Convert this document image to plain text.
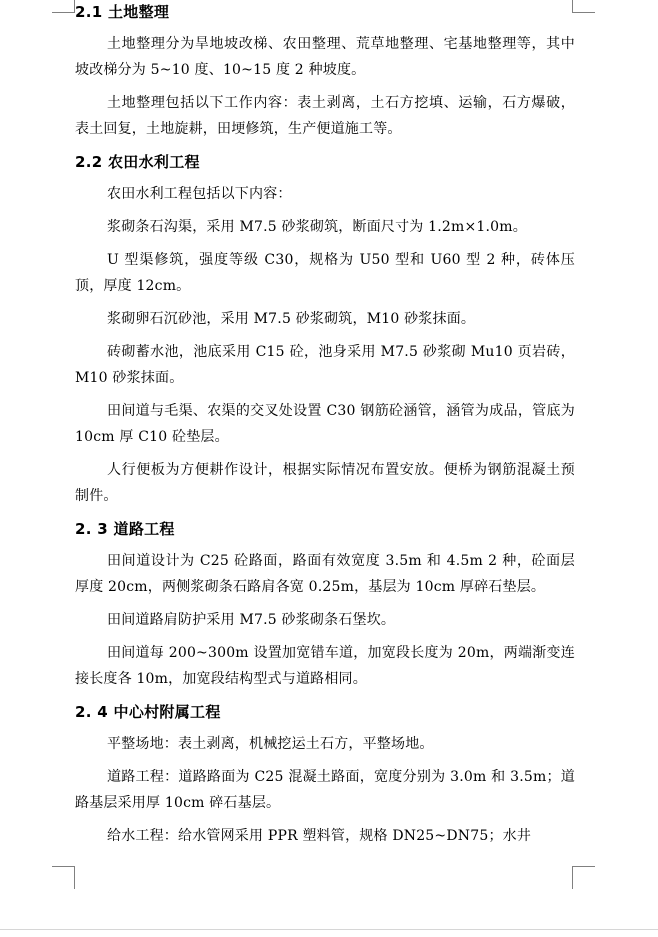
2.1 土地整理

土地整理分为旱地坡改梯、农田整理、荒草地整理、宅基地整理等，其中坡改梯分为 5~10 度、10~15 度 2 种坡度。

土地整理包括以下工作内容：表土剥离，土石方挖填、运输，石方爆破，表土回复，土地旋耕，田埂修筑，生产便道施工等。

2.2 农田水利工程

农田水利工程包括以下内容：

浆砌条石沟渠，采用 M7.5 砂浆砌筑，断面尺寸为 1.2m×1.0m。

U 型渠修筑，强度等级 C30，规格为 U50 型和 U60 型 2 种，砖体压顶，厚度 12cm。

浆砌卵石沉砂池，采用 M7.5 砂浆砌筑，M10 砂浆抹面。

砖砌蓄水池，池底采用 C15 砼，池身采用 M7.5 砂浆砌 Mu10 页岩砖，M10 砂浆抹面。

田间道与毛渠、农渠的交叉处设置 C30 钢筋砼涵管，涵管为成品，管底为 10cm 厚 C10 砼垫层。

人行便板为方便耕作设计，根据实际情况布置安放。便桥为钢筋混凝土预制件。

2. 3 道路工程

田间道设计为 C25 砼路面，路面有效宽度 3.5m 和 4.5m 2 种，砼面层厚度 20cm，两侧浆砌条石路肩各宽 0.25m，基层为 10cm 厚碎石垫层。

田间道路肩防护采用 M7.5 砂浆砌条石堡坎。

田间道每 200~300m 设置加宽错车道，加宽段长度为 20m，两端渐变连接长度各 10m，加宽段结构型式与道路相同。

2. 4 中心村附属工程

平整场地：表土剥离，机械挖运土石方，平整场地。

道路工程：道路路面为 C25 混凝土路面，宽度分别为 3.0m 和 3.5m；道路基层采用厚 10cm 碎石基层。

给水工程：给水管网采用 PPR 塑料管，规格 DN25~DN75；水井
